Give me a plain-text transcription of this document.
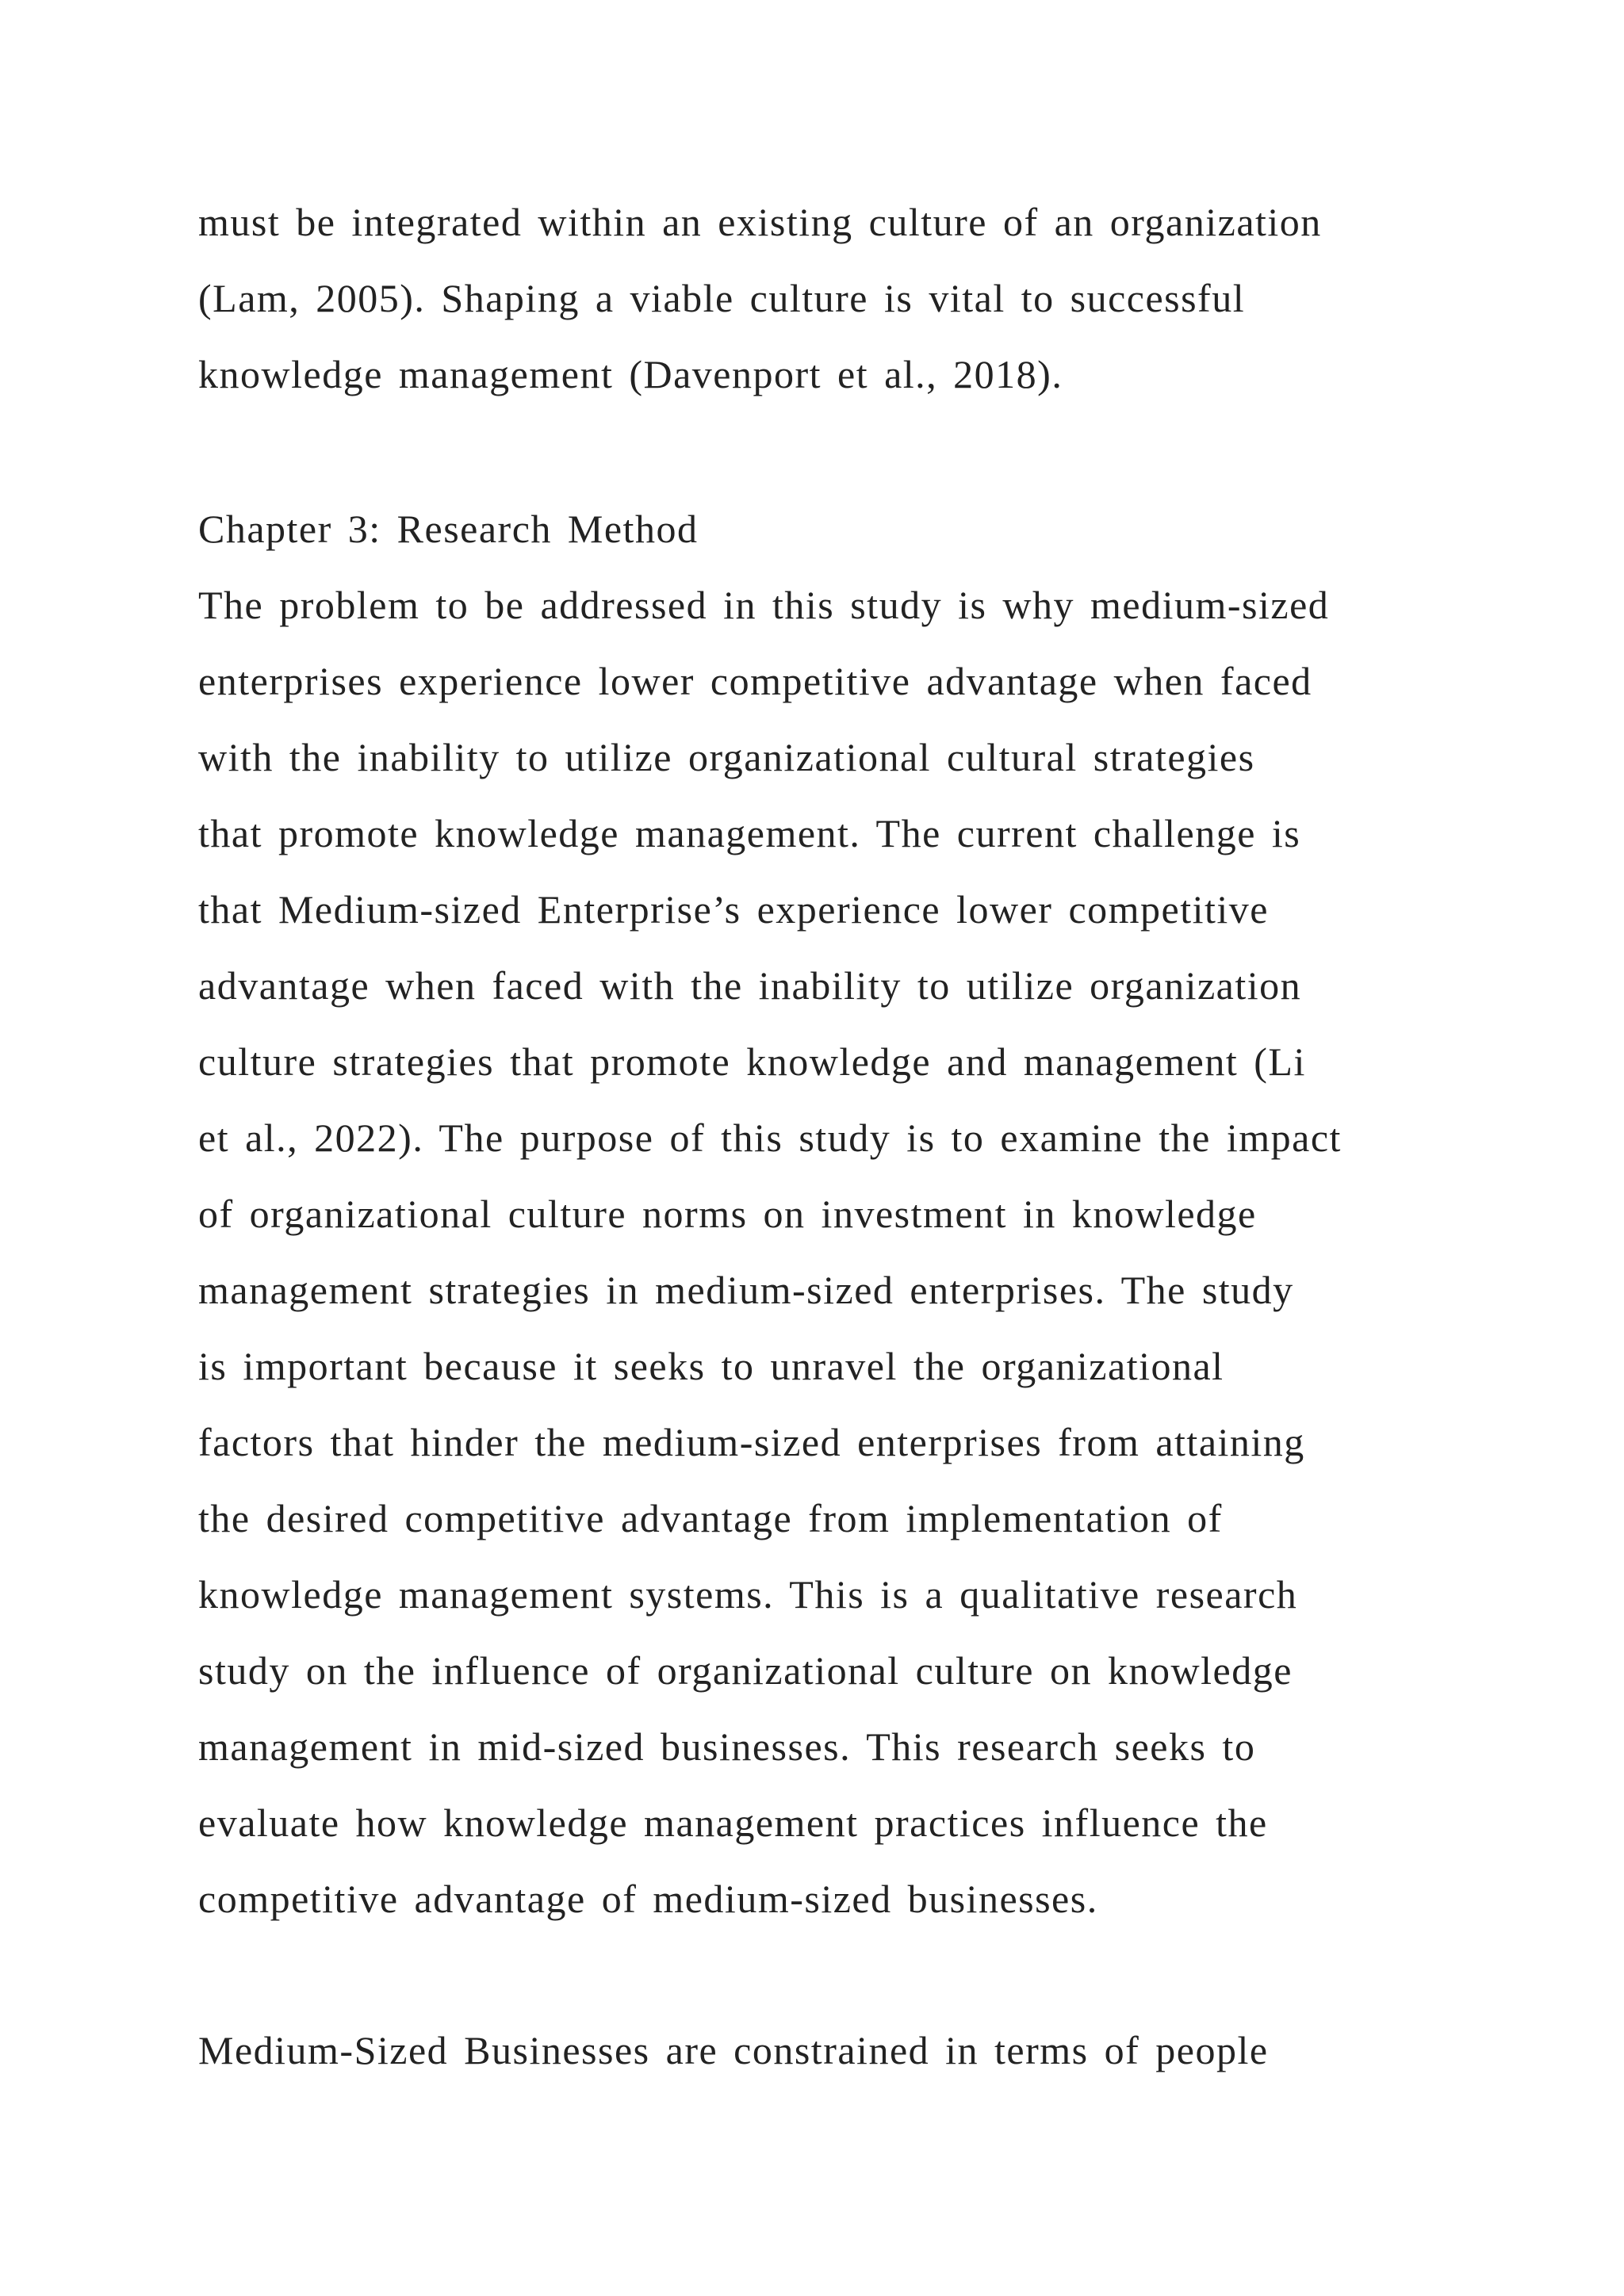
must be integrated within an existing culture of an organization
(Lam, 2005). Shaping a viable culture is vital to successful
knowledge management (Davenport et al., 2018).
Chapter 3: Research Method
The problem to be addressed in this study is why medium-sized
enterprises experience lower competitive advantage when faced
with the inability to utilize organizational cultural strategies
that promote knowledge management. The current challenge is
that Medium-sized Enterprise’s experience lower competitive
advantage when faced with the inability to utilize organization
culture strategies that promote knowledge and management (Li
et al., 2022). The purpose of this study is to examine the impact
of organizational culture norms on investment in knowledge
management strategies in medium-sized enterprises. The study
is important because it seeks to unravel the organizational
factors that hinder the medium-sized enterprises from attaining
the desired competitive advantage from implementation of
knowledge management systems. This is a qualitative research
study on the influence of organizational culture on knowledge
management in mid-sized businesses. This research seeks to
evaluate how knowledge management practices influence the
competitive advantage of medium-sized businesses.
Medium-Sized Businesses are constrained in terms of people
